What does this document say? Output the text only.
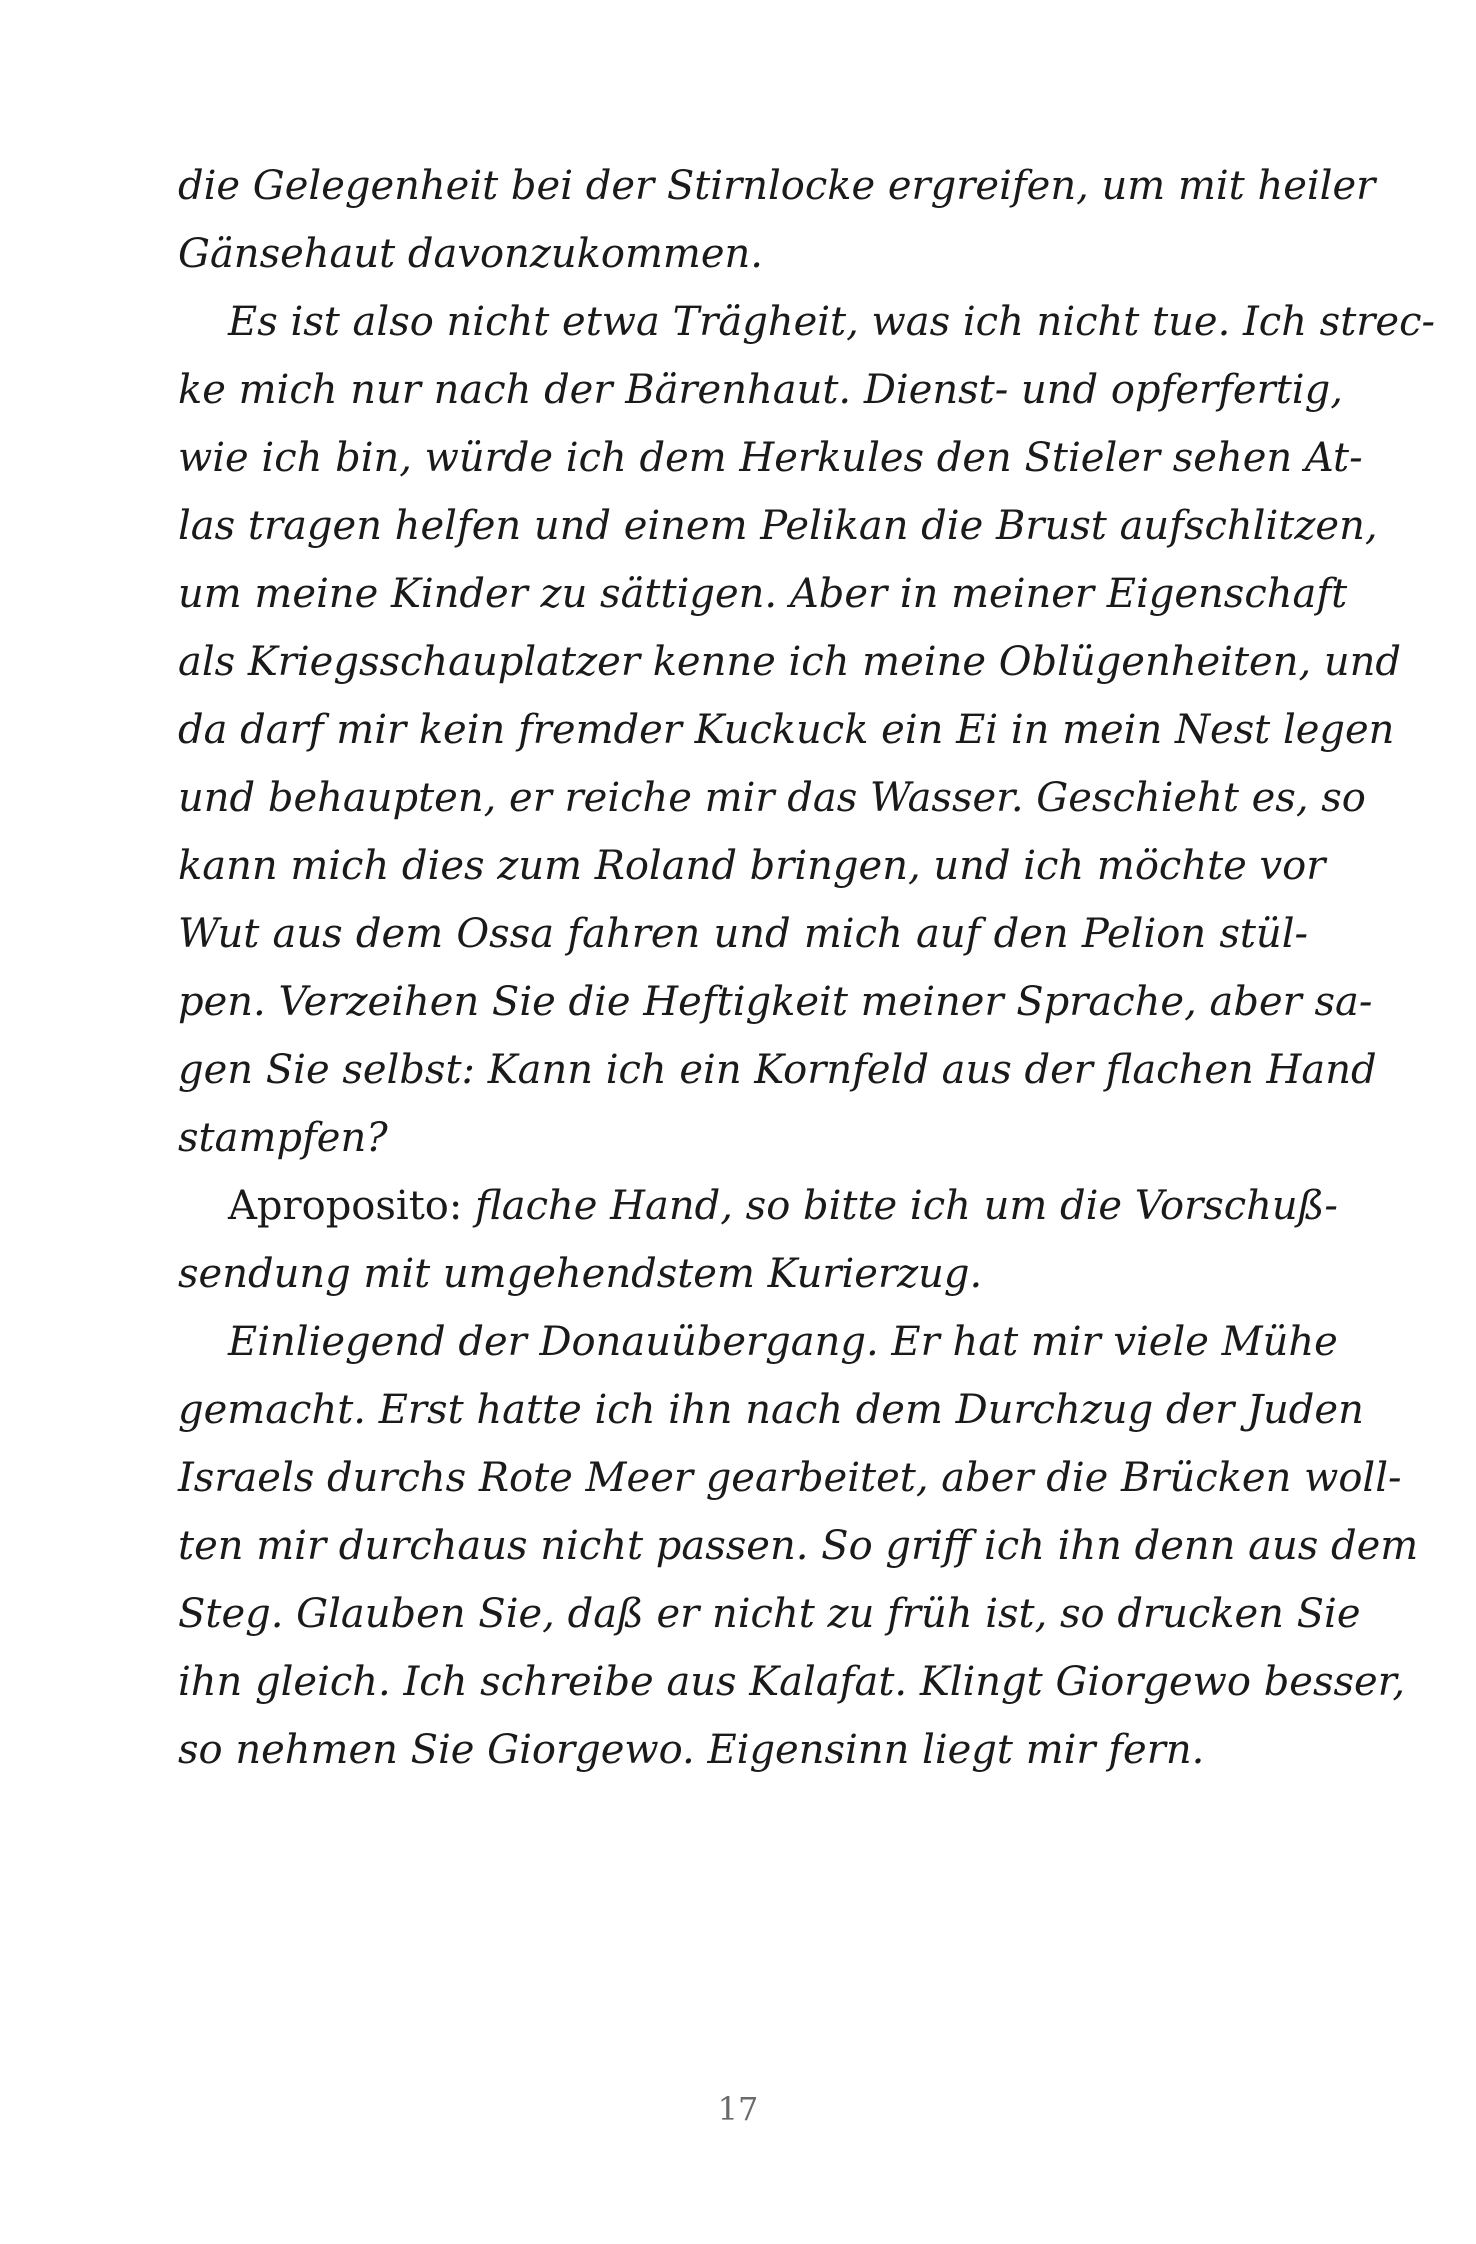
die Gelegenheit bei der Stirnlocke ergreifen, um mit heiler
Gänsehaut davonzukommen.
Es ist also nicht etwa Trägheit, was ich nicht tue. Ich strec-
ke mich nur nach der Bärenhaut. Dienst- und opferfertig,
wie ich bin, würde ich dem Herkules den Stieler sehen At-
las tragen helfen und einem Pelikan die Brust aufschlitzen,
um meine Kinder zu sättigen. Aber in meiner Eigenschaft
als Kriegsschauplatzer kenne ich meine Oblügenheiten, und
da darf mir kein fremder Kuckuck ein Ei in mein Nest legen
und behaupten, er reiche mir das Wasser. Geschieht es, so
kann mich dies zum Roland bringen, und ich möchte vor
Wut aus dem Ossa fahren und mich auf den Pelion stül-
pen. Verzeihen Sie die Heftigkeit meiner Sprache, aber sa-
gen Sie selbst: Kann ich ein Kornfeld aus der flachen Hand
stampfen?
Aproposito: flache Hand, so bitte ich um die Vorschuß-
sendung mit umgehendstem Kurierzug.
Einliegend der Donauübergang. Er hat mir viele Mühe
gemacht. Erst hatte ich ihn nach dem Durchzug der Juden
Israels durchs Rote Meer gearbeitet, aber die Brücken woll-
ten mir durchaus nicht passen. So griff ich ihn denn aus dem
Steg. Glauben Sie, daß er nicht zu früh ist, so drucken Sie
ihn gleich. Ich schreibe aus Kalafat. Klingt Giorgewo besser,
so nehmen Sie Giorgewo. Eigensinn liegt mir fern.
17
